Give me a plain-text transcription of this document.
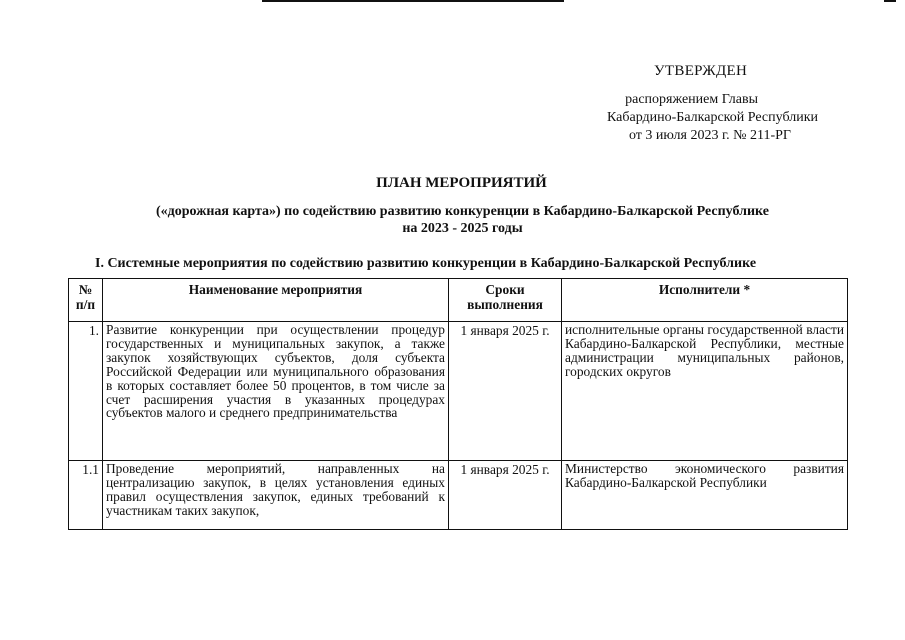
УТВЕРЖДЕН
распоряжением Главы
Кабардино-Балкарской Республики
от 3 июля 2023 г. № 211-РГ
ПЛАН МЕРОПРИЯТИЙ
(«дорожная карта») по содействию развитию конкуренции в Кабардино-Балкарской Республике
на 2023 - 2025 годы
I. Системные мероприятия по содействию развитию конкуренции в Кабардино-Балкарской Республике
№ п/п	Наименование мероприятия	Сроки выполнения	Исполнители *
1.	Развитие конкуренции при осуществлении процедур государственных и муниципальных закупок, а также закупок хозяйствующих субъектов, доля субъекта Российской Федерации или муниципального образования в которых составляет более 50 процентов, в том числе за счет расширения участия в указанных процедурах субъектов малого и среднего предпринимательства	1 января 2025 г.	исполнительные органы государственной власти Кабардино-Балкарской Республики, местные администрации муниципальных районов, городских округов
1.1	Проведение мероприятий, направленных на централизацию закупок, в целях установления единых правил осуществления закупок, единых требований к участникам таких закупок,	1 января 2025 г.	Министерство экономического развития Кабардино-Балкарской Республики
